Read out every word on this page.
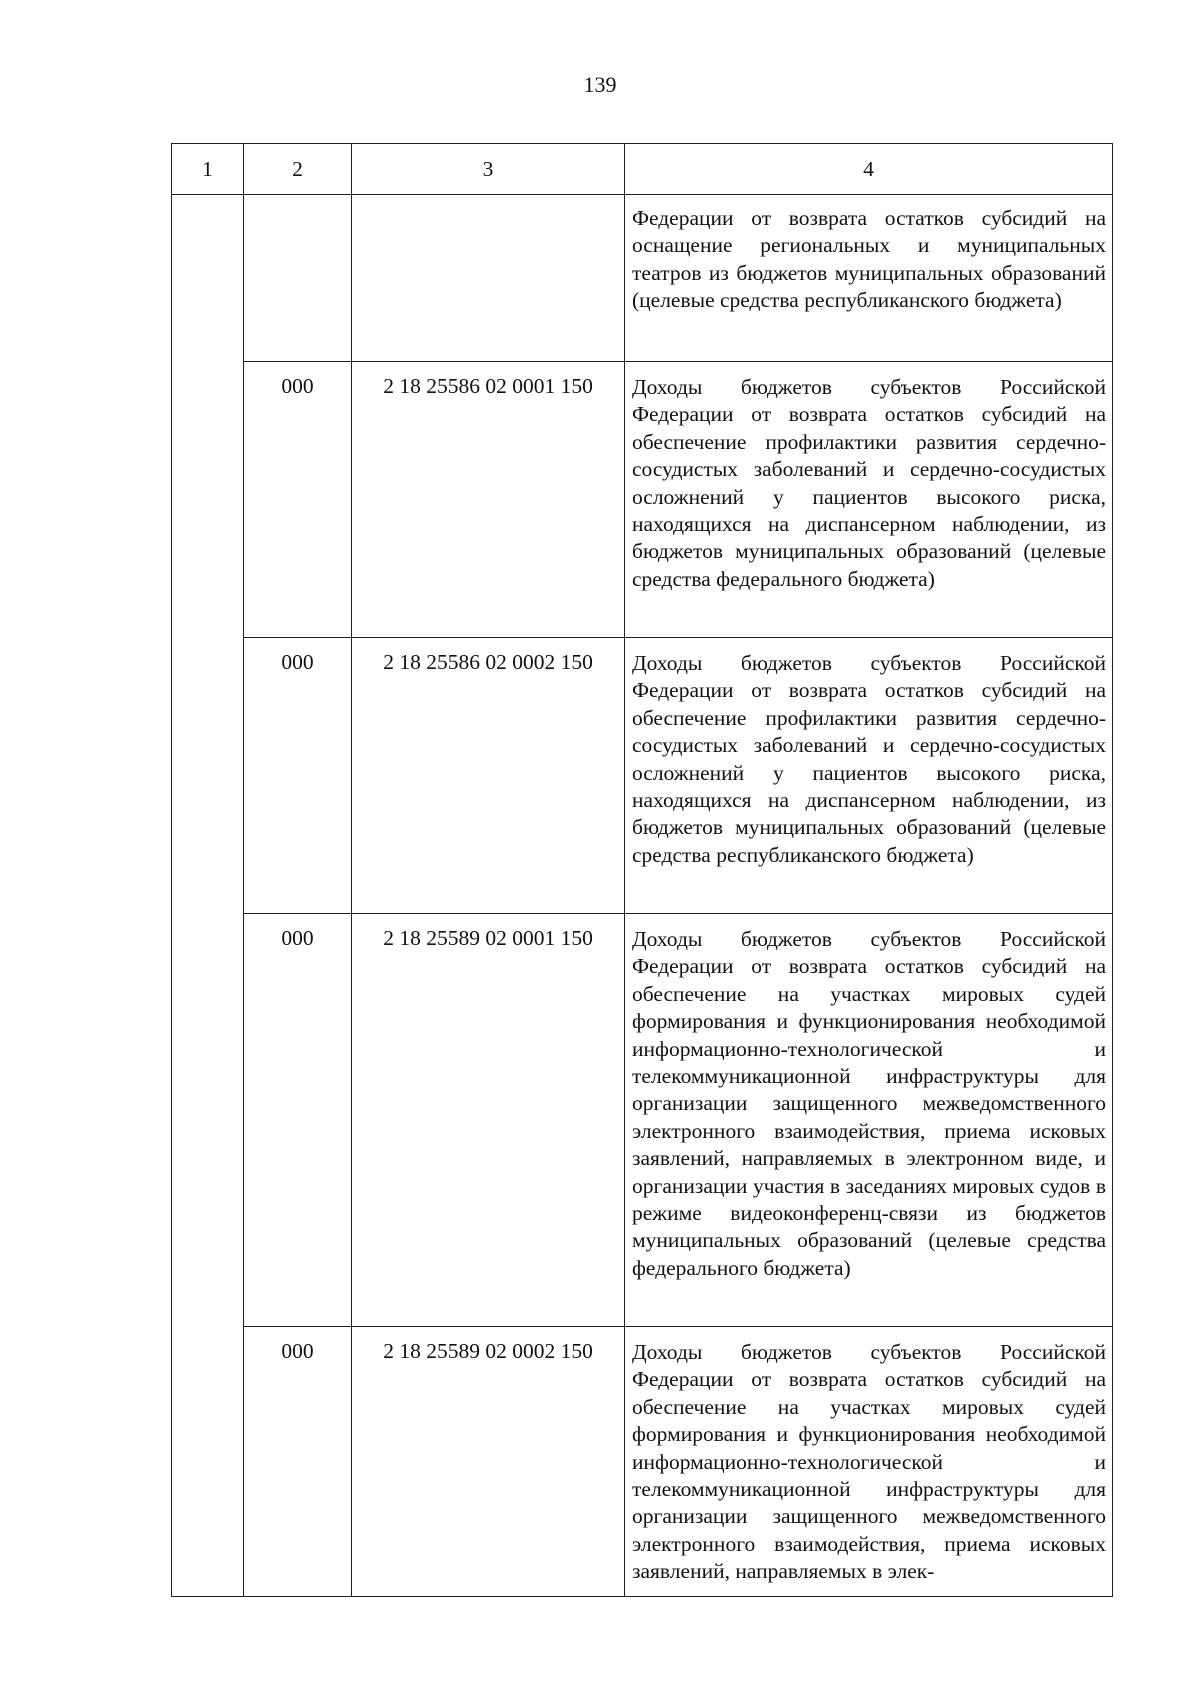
139
1	2	3	4
			Федерации от возврата остатков субсидий на оснащение региональных и муниципальных театров из бюджетов муниципальных образований (целевые средства республиканского бюджета)
	000	2 18 25586 02 0001 150	Доходы бюджетов субъектов Российской Федерации от возврата остатков субсидий на обеспечение профилактики развития сердечно-сосудистых заболеваний и сердечно-сосудистых осложнений у пациентов высокого риска, находящихся на диспансерном наблюдении, из бюджетов муниципальных образований (целевые средства федерального бюджета)
	000	2 18 25586 02 0002 150	Доходы бюджетов субъектов Российской Федерации от возврата остатков субсидий на обеспечение профилактики развития сердечно-сосудистых заболеваний и сердечно-сосудистых осложнений у пациентов высокого риска, находящихся на диспансерном наблюдении, из бюджетов муниципальных образований (целевые средства республиканского бюджета)
	000	2 18 25589 02 0001 150	Доходы бюджетов субъектов Российской Федерации от возврата остатков субсидий на обеспечение на участках мировых судей формирования и функционирования необходимой информационно-технологической и телекоммуникационной инфраструктуры для организации защищенного межведомственного электронного взаимодействия, приема исковых заявлений, направляемых в электронном виде, и организации участия в заседаниях мировых судов в режиме видеоконференц-связи из бюджетов муниципальных образований (целевые средства федерального бюджета)
	000	2 18 25589 02 0002 150	Доходы бюджетов субъектов Российской Федерации от возврата остатков субсидий на обеспечение на участках мировых судей формирования и функционирования необходимой информационно-технологической и телекоммуникационной инфраструктуры для организации защищенного межведомственного электронного взаимодействия, приема исковых заявлений, направляемых в элек-
